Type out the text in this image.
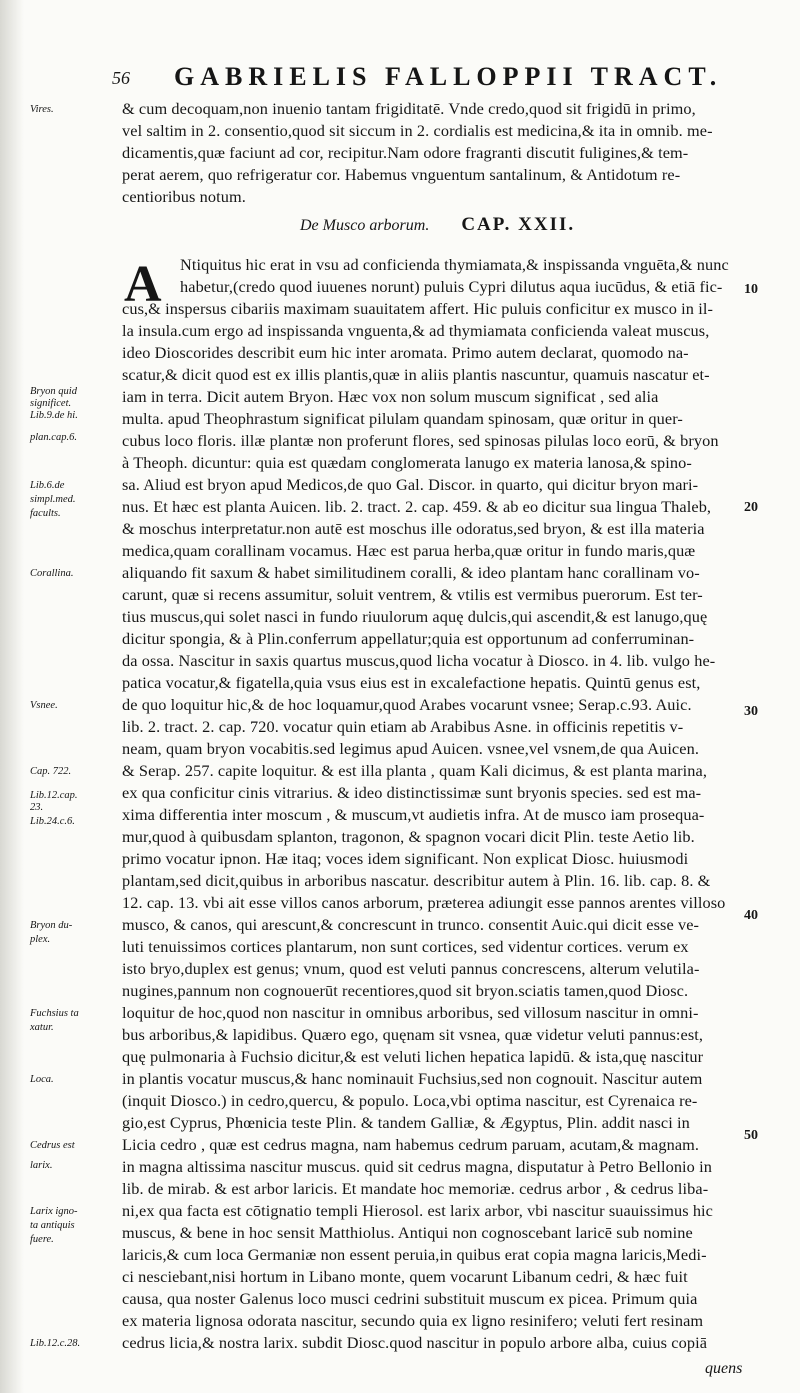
56 GABRIELIS FALLOPPII TRACT.
& cum decoquam,non inuenio tantam frigiditatē. Vnde credo,quod sit frigidū in primo,
vel saltim in 2. consentio,quod sit siccum in 2. cordialis est medicina,& ita in omnib. me-
dicamentis,quæ faciunt ad cor, recipitur.Nam odore fragranti discutit fuligines,& tem-
perat aerem, quo refrigeratur cor. Habemus vnguentum santalinum, & Antidotum re-
centioribus notum.
De Musco arborum. CAP. XXII.
A Ntiquitus hic erat in vsu ad conficienda thymiamata,& inspissanda vnguēta,& nunc
habetur,(credo quod iuuenes norunt) puluis Cypri dilutus aqua iucūdus, & etiā fic-
cus,& inspersus cibariis maximam suauitatem affert. Hic puluis conficitur ex musco in il-
la insula.cum ergo ad inspissanda vnguenta,& ad thymiamata conficienda valeat muscus,
ideo Dioscorides describit eum hic inter aromata. Primo autem declarat, quomodo na-
scatur,& dicit quod est ex illis plantis,quæ in aliis plantis nascuntur, quamuis nascatur et-
iam in terra. Dicit autem Bryon. Hæc vox non solum muscum significat , sed alia
multa. apud Theophrastum significat pilulam quandam spinosam, quæ oritur in quer-
cubus loco floris. illæ plantæ non proferunt flores, sed spinosas pilulas loco eorū, & bryon
à Theoph. dicuntur: quia est quædam conglomerata lanugo ex materia lanosa,& spino-
sa. Aliud est bryon apud Medicos,de quo Gal. Discor. in quarto, qui dicitur bryon mari-
nus. Et hæc est planta Auicen. lib. 2. tract. 2. cap. 459. & ab eo dicitur sua lingua Thaleb,
& moschus interpretatur.non autē est moschus ille odoratus,sed bryon, & est illa materia
medica,quam corallinam vocamus. Hæc est parua herba,quæ oritur in fundo maris,quæ
aliquando fit saxum & habet similitudinem coralli, & ideo plantam hanc corallinam vo-
carunt, quæ si recens assumitur, soluit ventrem, & vtilis est vermibus puerorum. Est ter-
tius muscus,qui solet nasci in fundo riuulorum aquę dulcis,qui ascendit,& est lanugo,quę
dicitur spongia, & à Plin.conferrum appellatur;quia est opportunum ad conferruminan-
da ossa. Nascitur in saxis quartus muscus,quod licha vocatur à Diosco. in 4. lib. vulgo he-
patica vocatur,& figatella,quia vsus eius est in excalefactione hepatis. Quintū genus est,
de quo loquitur hic,& de hoc loquamur,quod Arabes vocarunt vsnee; Serap.c.93. Auic.
lib. 2. tract. 2. cap. 720. vocatur quin etiam ab Arabibus Asne. in officinis repetitis v-
neam, quam bryon vocabitis.sed legimus apud Auicen. vsnee,vel vsnem,de qua Auicen.
& Serap. 257. capite loquitur. & est illa planta , quam Kali dicimus, & est planta marina,
ex qua conficitur cinis vitrarius. & ideo distinctissimæ sunt bryonis species. sed est ma-
xima differentia inter moscum , & muscum,vt audietis infra. At de musco iam prosequa-
mur,quod à quibusdam splanton, tragonon, & spagnon vocari dicit Plin. teste Aetio lib.
primo vocatur ipnon. Hæ itaq; voces idem significant. Non explicat Diosc. huiusmodi
plantam,sed dicit,quibus in arboribus nascatur. describitur autem à Plin. 16. lib. cap. 8. &
12. cap. 13. vbi ait esse villos canos arborum, præterea adiungit esse pannos arentes villoso
musco, & canos, qui arescunt,& concrescunt in trunco. consentit Auic.qui dicit esse ve-
luti tenuissimos cortices plantarum, non sunt cortices, sed videntur cortices. verum ex
isto bryo,duplex est genus; vnum, quod est veluti pannus concrescens, alterum velutila-
nugines,pannum non cognouerūt recentiores,quod sit bryon.sciatis tamen,quod Diosc.
loquitur de hoc,quod non nascitur in omnibus arboribus, sed villosum nascitur in omni-
bus arboribus,& lapidibus. Quæro ego, quęnam sit vsnea, quæ videtur veluti pannus:est,
quę pulmonaria à Fuchsio dicitur,& est veluti lichen hepatica lapidū. & ista,quę nascitur
in plantis vocatur muscus,& hanc nominauit Fuchsius,sed non cognouit. Nascitur autem
(inquit Diosco.) in cedro,quercu, & populo. Loca,vbi optima nascitur, est Cyrenaica re-
gio,est Cyprus, Phœnicia teste Plin. & tandem Galliæ, & Ægyptus, Plin. addit nasci in
Licia cedro , quæ est cedrus magna, nam habemus cedrum paruam, acutam,& magnam.
in magna altissima nascitur muscus. quid sit cedrus magna, disputatur à Petro Bellonio in
lib. de mirab. & est arbor laricis. Et mandate hoc memoriæ. cedrus arbor , & cedrus liba-
ni,ex qua facta est cōtignatio templi Hierosol. est larix arbor, vbi nascitur suauissimus hic
muscus, & bene in hoc sensit Matthiolus. Antiqui non cognoscebant laricē sub nomine
laricis,& cum loca Germaniæ non essent peruia,in quibus erat copia magna laricis,Medi-
ci nesciebant,nisi hortum in Libano monte, quem vocarunt Libanum cedri, & hæc fuit
causa, qua noster Galenus loco musci cedrini substituit muscum ex picea. Primum quia
ex materia lignosa odorata nascitur, secundo quia ex ligno resinifero; veluti fert resinam
cedrus licia,& nostra larix. subdit Diosc.quod nascitur in populo arbore alba, cuius copiā
quens
Vires.
Bryon quid
significet.
Lib.9.de hi.
plan.cap.6.
Lib.6.de
simpl.med.
facults.
Corallina.
Vsnee.
Cap. 722.
Lib.12.cap.
23.
Lib.24.c.6.
Bryon du-
plex.
Fuchsius ta
xatur.
Loca.
Cedrus est
larix.
Larix igno-
ta antiquis
fuere.
Lib.12.c.28.
10
20
30
40
50
